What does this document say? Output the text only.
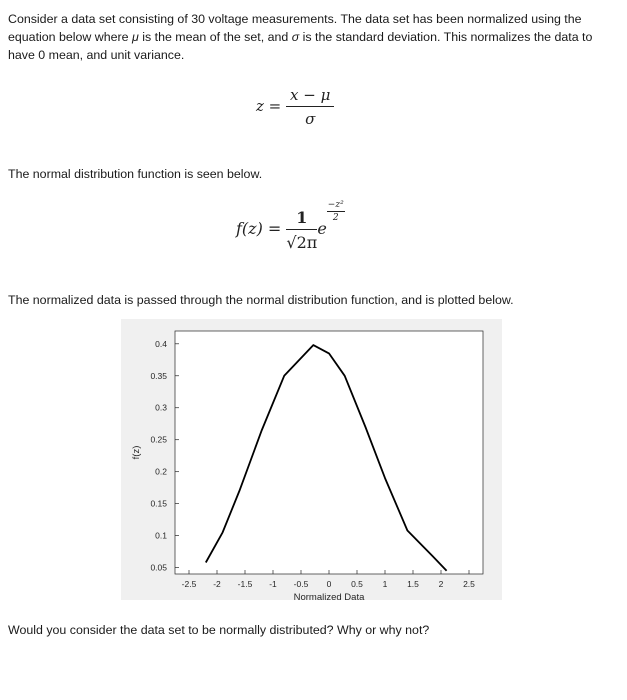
Consider a data set consisting of 30 voltage measurements. The data set has been normalized using the equation below where μ is the mean of the set, and σ is the standard deviation. This normalizes the data to have 0 mean, and unit variance.

$z = \frac{x - \mu}{\sigma}$

The normal distribution function is seen below.

$f(z) = \frac{1}{√2\pi}$ e
$\frac{\text{−z²}}{2}$

The normalized data is passed through the normal distribution function, and is plotted below.

-2.5 -2 -1.5 -1 -0.5 0 0.5 1 1.5 2 2.5
0.05
0.1
0.15
0.2
0.25
0.3
0.35
0.4
Normalized Data
f(z)

Would you consider the data set to be normally distributed? Why or why not?
